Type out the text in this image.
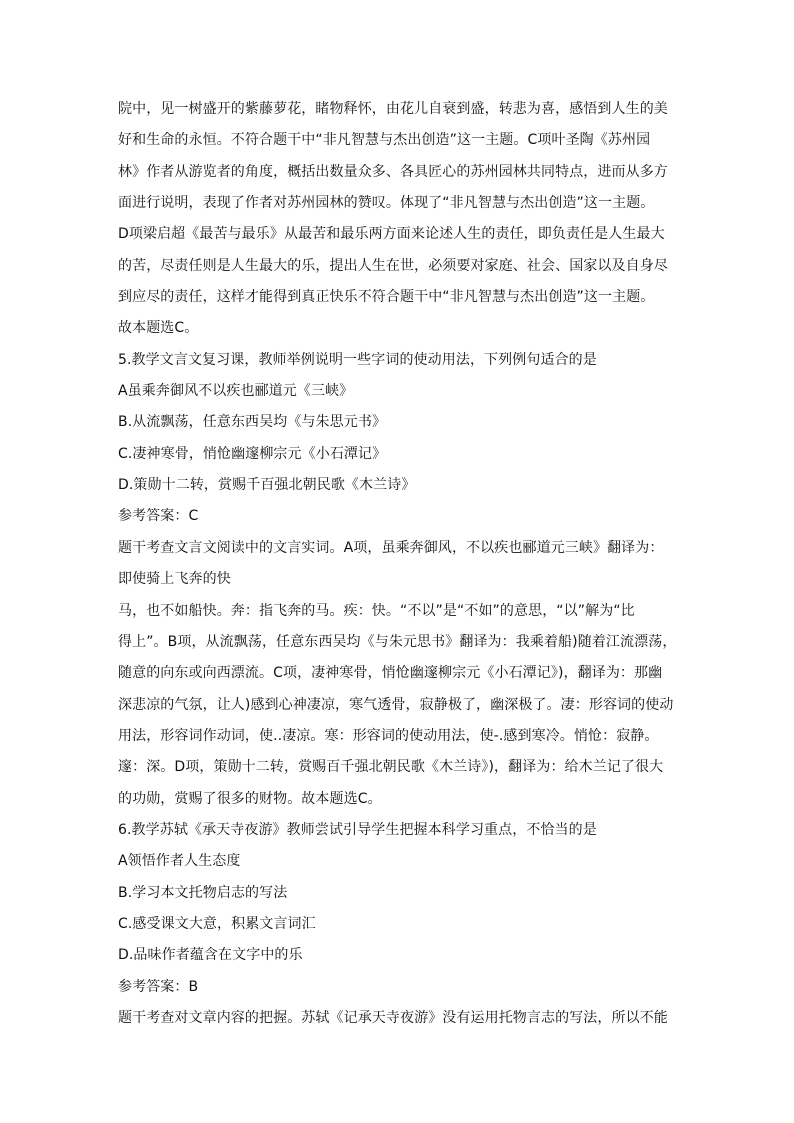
院中，见一树盛开的紫藤萝花，睹物释怀，由花儿自衰到盛，转悲为喜，感悟到人生的美
好和生命的永恒。不符合题干中“非凡智慧与杰出创造”这一主题。C项叶圣陶《苏州园
林》作者从游览者的角度，概括出数量众多、各具匠心的苏州园林共同特点，进而从多方
面进行说明，表现了作者对苏州园林的赞叹。体现了“非凡智慧与杰出创造”这一主题。
D项梁启超《最苦与最乐》从最苦和最乐两方面来论述人生的责任，即负责任是人生最大
的苦，尽责任则是人生最大的乐，提出人生在世，必须要对家庭、社会、国家以及自身尽
到应尽的责任，这样才能得到真正快乐不符合题干中“非凡智慧与杰出创造”这一主题。
故本题选C。
5.教学文言文复习课，教师举例说明一些字词的使动用法，下列例句适合的是
A虽乘奔御风不以疾也郦道元《三峡》
B.从流飘荡，任意东西吴均《与朱思元书》
C.凄神寒骨，悄怆幽邃柳宗元《小石潭记》
D.策勋十二转，赏赐千百强北朝民歌《木兰诗》
参考答案：C
题干考查文言文阅读中的文言实词。A项，虽乘奔御风，不以疾也郦道元三峡》翻译为：
即使骑上飞奔的快
马，也不如船快。奔：指飞奔的马。疾：快。“不以”是“不如”的意思，“以”解为“比
得上”。B项，从流飘荡，任意东西吴均《与朱元思书》翻译为：我乘着船)随着江流漂荡，
随意的向东或向西漂流。C项，凄神寒骨，悄怆幽邃柳宗元《小石潭记》)，翻译为：那幽
深悲凉的气氛，让人)感到心神凄凉，寒气透骨，寂静极了，幽深极了。凄：形容词的使动
用法，形容词作动词，使..凄凉。寒：形容词的使动用法，使-.感到寒冷。悄怆：寂静。
邃：深。D项，策勋十二转，赏赐百千强北朝民歌《木兰诗》)，翻译为：给木兰记了很大
的功勋，赏赐了很多的财物。故本题选C。
6.教学苏轼《承天寺夜游》教师尝试引导学生把握本科学习重点，不恰当的是
A领悟作者人生态度
B.学习本文托物启志的写法
C.感受课文大意，积累文言词汇
D.品味作者蕴含在文字中的乐
参考答案：B
题干考查对文章内容的把握。苏轼《记承天寺夜游》没有运用托物言志的写法，所以不能
